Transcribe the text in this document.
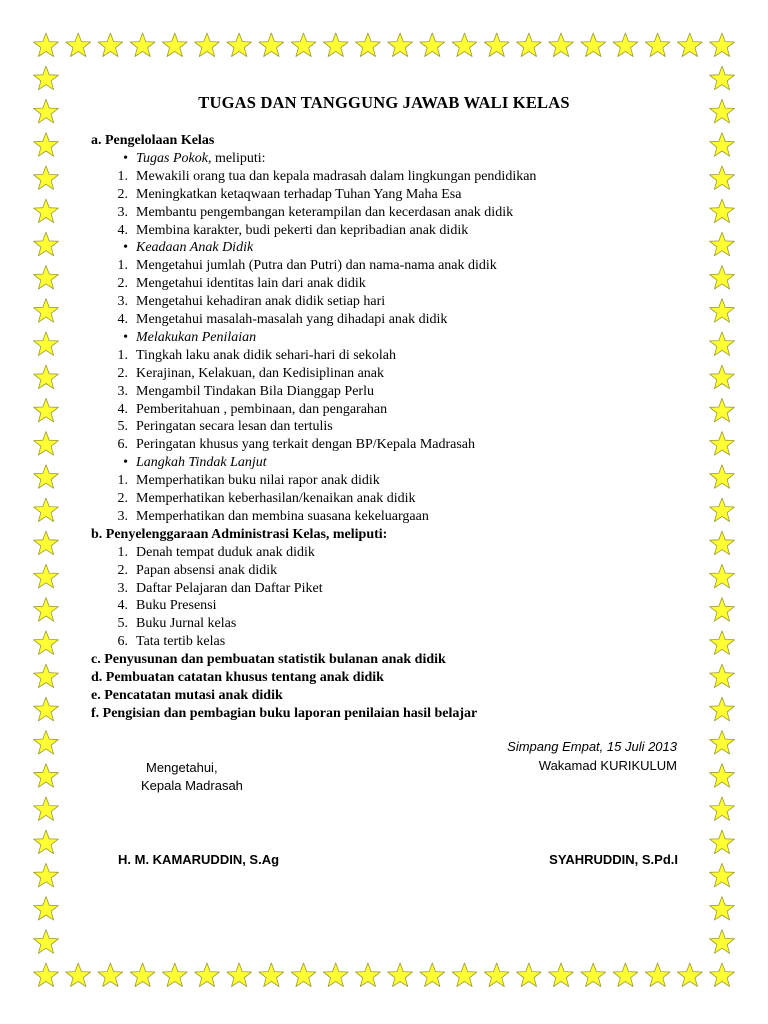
TUGAS DAN TANGGUNG JAWAB WALI KELAS
a. Pengelolaan Kelas
• Tugas Pokok, meliputi:
1. Mewakili orang tua dan kepala madrasah dalam lingkungan pendidikan
2. Meningkatkan ketaqwaan terhadap Tuhan Yang Maha Esa
3. Membantu pengembangan keterampilan dan kecerdasan anak didik
4. Membina karakter, budi pekerti dan kepribadian anak didik
• Keadaan Anak Didik
1. Mengetahui jumlah (Putra dan Putri) dan nama-nama anak didik
2. Mengetahui identitas lain dari anak didik
3. Mengetahui kehadiran anak didik setiap hari
4. Mengetahui masalah-masalah yang dihadapi anak didik
• Melakukan Penilaian
1. Tingkah laku anak didik sehari-hari di sekolah
2. Kerajinan, Kelakuan, dan Kedisiplinan anak
3. Mengambil Tindakan Bila Dianggap Perlu
4. Pemberitahuan , pembinaan, dan pengarahan
5. Peringatan secara lesan dan tertulis
6. Peringatan khusus yang terkait dengan BP/Kepala Madrasah
• Langkah Tindak Lanjut
1. Memperhatikan buku nilai rapor anak didik
2. Memperhatikan keberhasilan/kenaikan anak didik
3. Memperhatikan dan membina suasana kekeluargaan
b. Penyelenggaraan Administrasi Kelas, meliputi:
1. Denah tempat duduk anak didik
2. Papan absensi anak didik
3. Daftar Pelajaran dan Daftar Piket
4. Buku Presensi
5. Buku Jurnal kelas
6. Tata tertib kelas
c. Penyusunan dan pembuatan statistik bulanan anak didik
d. Pembuatan catatan khusus tentang anak didik
e. Pencatatan mutasi anak didik
f. Pengisian dan pembagian buku laporan penilaian hasil belajar
Simpang Empat, 15 Juli 2013
Wakamad KURIKULUM
Mengetahui,
Kepala Madrasah
H. M. KAMARUDDIN, S.Ag	SYAHRUDDIN, S.Pd.I
